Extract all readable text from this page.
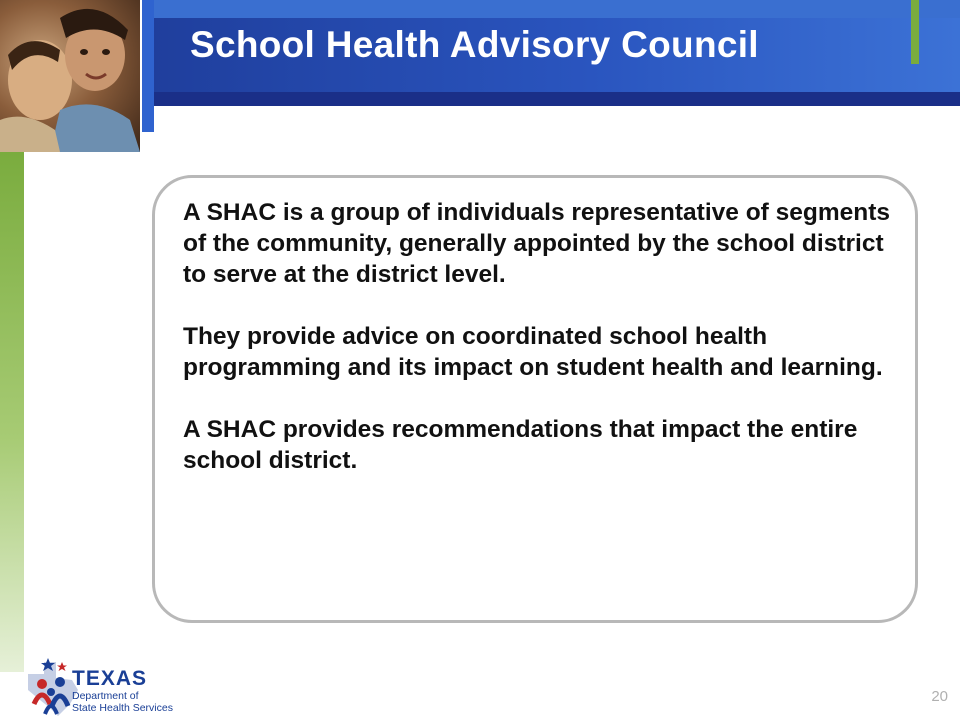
School Health Advisory Council

A SHAC is a group of individuals representative of segments of the community, generally appointed by the school district to serve at the district level.

They provide advice on coordinated school health programming and its impact on student health and learning.

A SHAC provides recommendations that impact the entire school district.

TEXAS
Department of
State Health Services
20
